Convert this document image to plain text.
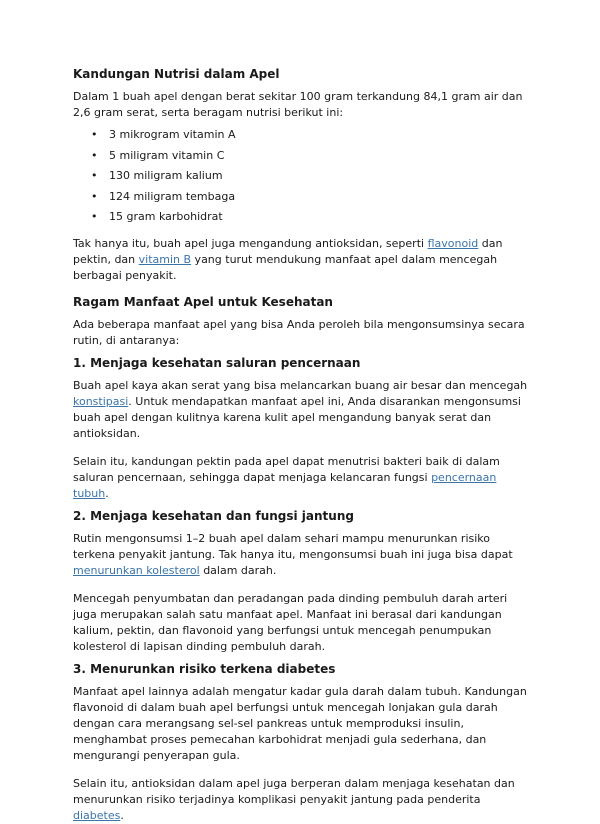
Kandungan Nutrisi dalam Apel

Dalam 1 buah apel dengan berat sekitar 100 gram terkandung 84,1 gram air dan 2,6 gram serat, serta beragam nutrisi berikut ini:

• 3 mikrogram vitamin A
• 5 miligram vitamin C
• 130 miligram kalium
• 124 miligram tembaga
• 15 gram karbohidrat

Tak hanya itu, buah apel juga mengandung antioksidan, seperti flavonoid dan pektin, dan vitamin B yang turut mendukung manfaat apel dalam mencegah berbagai penyakit.

Ragam Manfaat Apel untuk Kesehatan

Ada beberapa manfaat apel yang bisa Anda peroleh bila mengonsumsinya secara rutin, di antaranya:

1. Menjaga kesehatan saluran pencernaan

Buah apel kaya akan serat yang bisa melancarkan buang air besar dan mencegah konstipasi. Untuk mendapatkan manfaat apel ini, Anda disarankan mengonsumsi buah apel dengan kulitnya karena kulit apel mengandung banyak serat dan antioksidan.

Selain itu, kandungan pektin pada apel dapat menutrisi bakteri baik di dalam saluran pencernaan, sehingga dapat menjaga kelancaran fungsi pencernaan tubuh.

2. Menjaga kesehatan dan fungsi jantung

Rutin mengonsumsi 1–2 buah apel dalam sehari mampu menurunkan risiko terkena penyakit jantung. Tak hanya itu, mengonsumsi buah ini juga bisa dapat menurunkan kolesterol dalam darah.

Mencegah penyumbatan dan peradangan pada dinding pembuluh darah arteri juga merupakan salah satu manfaat apel. Manfaat ini berasal dari kandungan kalium, pektin, dan flavonoid yang berfungsi untuk mencegah penumpukan kolesterol di lapisan dinding pembuluh darah.

3. Menurunkan risiko terkena diabetes

Manfaat apel lainnya adalah mengatur kadar gula darah dalam tubuh. Kandungan flavonoid di dalam buah apel berfungsi untuk mencegah lonjakan gula darah dengan cara merangsang sel-sel pankreas untuk memproduksi insulin, menghambat proses pemecahan karbohidrat menjadi gula sederhana, dan mengurangi penyerapan gula.

Selain itu, antioksidan dalam apel juga berperan dalam menjaga kesehatan dan menurunkan risiko terjadinya komplikasi penyakit jantung pada penderita diabetes.
